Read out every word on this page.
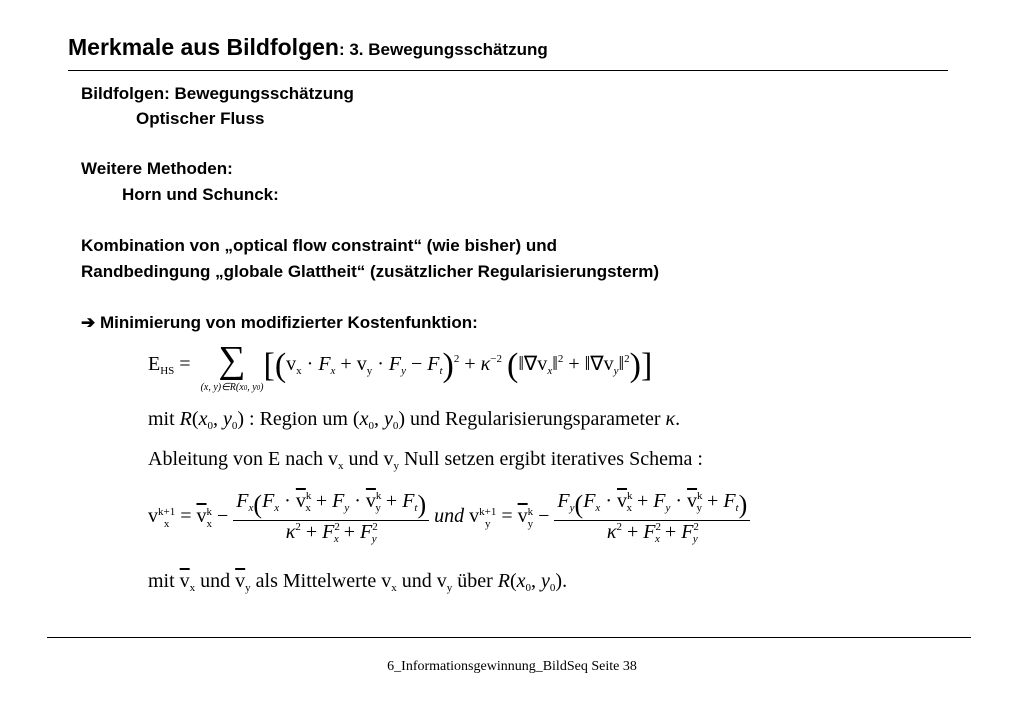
Merkmale aus Bildfolgen: 3. Bewegungsschätzung
Bildfolgen: Bewegungsschätzung
Optischer Fluss
Weitere Methoden:
Horn und Schunck:
Kombination von „optical flow constraint“ (wie bisher) und
Randbedingung „globale Glattheit“ (zusätzlicher Regularisierungsterm)
➔ Minimierung von modifizierter Kostenfunktion:
$E_{HS}$ =  ∑
(x, y)∈R(x0, y0)
[$(v_x \cdot F_x + v_y \cdot F_y - F_t)^2 + \kappa^{-2}$ ($‖\nabla v_x‖^2$ + $‖\nabla v_y‖^2$)]
mit $R(x_0$, $y_0$) : Region um ($x_0$, $y_0$) und Regularisierungsparameter κ.
Ableitung von E nach $v_x$ und $v_y$ Null setzen ergibt iteratives Schema :
v k+1
$x = \overline{v}$ k
$x - \frac{F_x(F_x \cdot \overline{v}^k_x + F_y \cdot \overline{v}^k_y + F_t)}{\kappa^2 + F^2_x + F^2_y}$ und v k+1
$y = \overline{v}$ k
$y - \frac{F_y(F_x \cdot \overline{v}^k_x + F_y \cdot \overline{v}^k_y + F_t)}{\kappa^2 + F^2_x + F^2_y}$
mit $\overline{v}_x$ und $\overline{v}_y$ als Mittelwerte $v_x$ und $v_y$ über $R(x_0$, $y_0$).
6_Informationsgewinnung_BildSeq Seite 38
